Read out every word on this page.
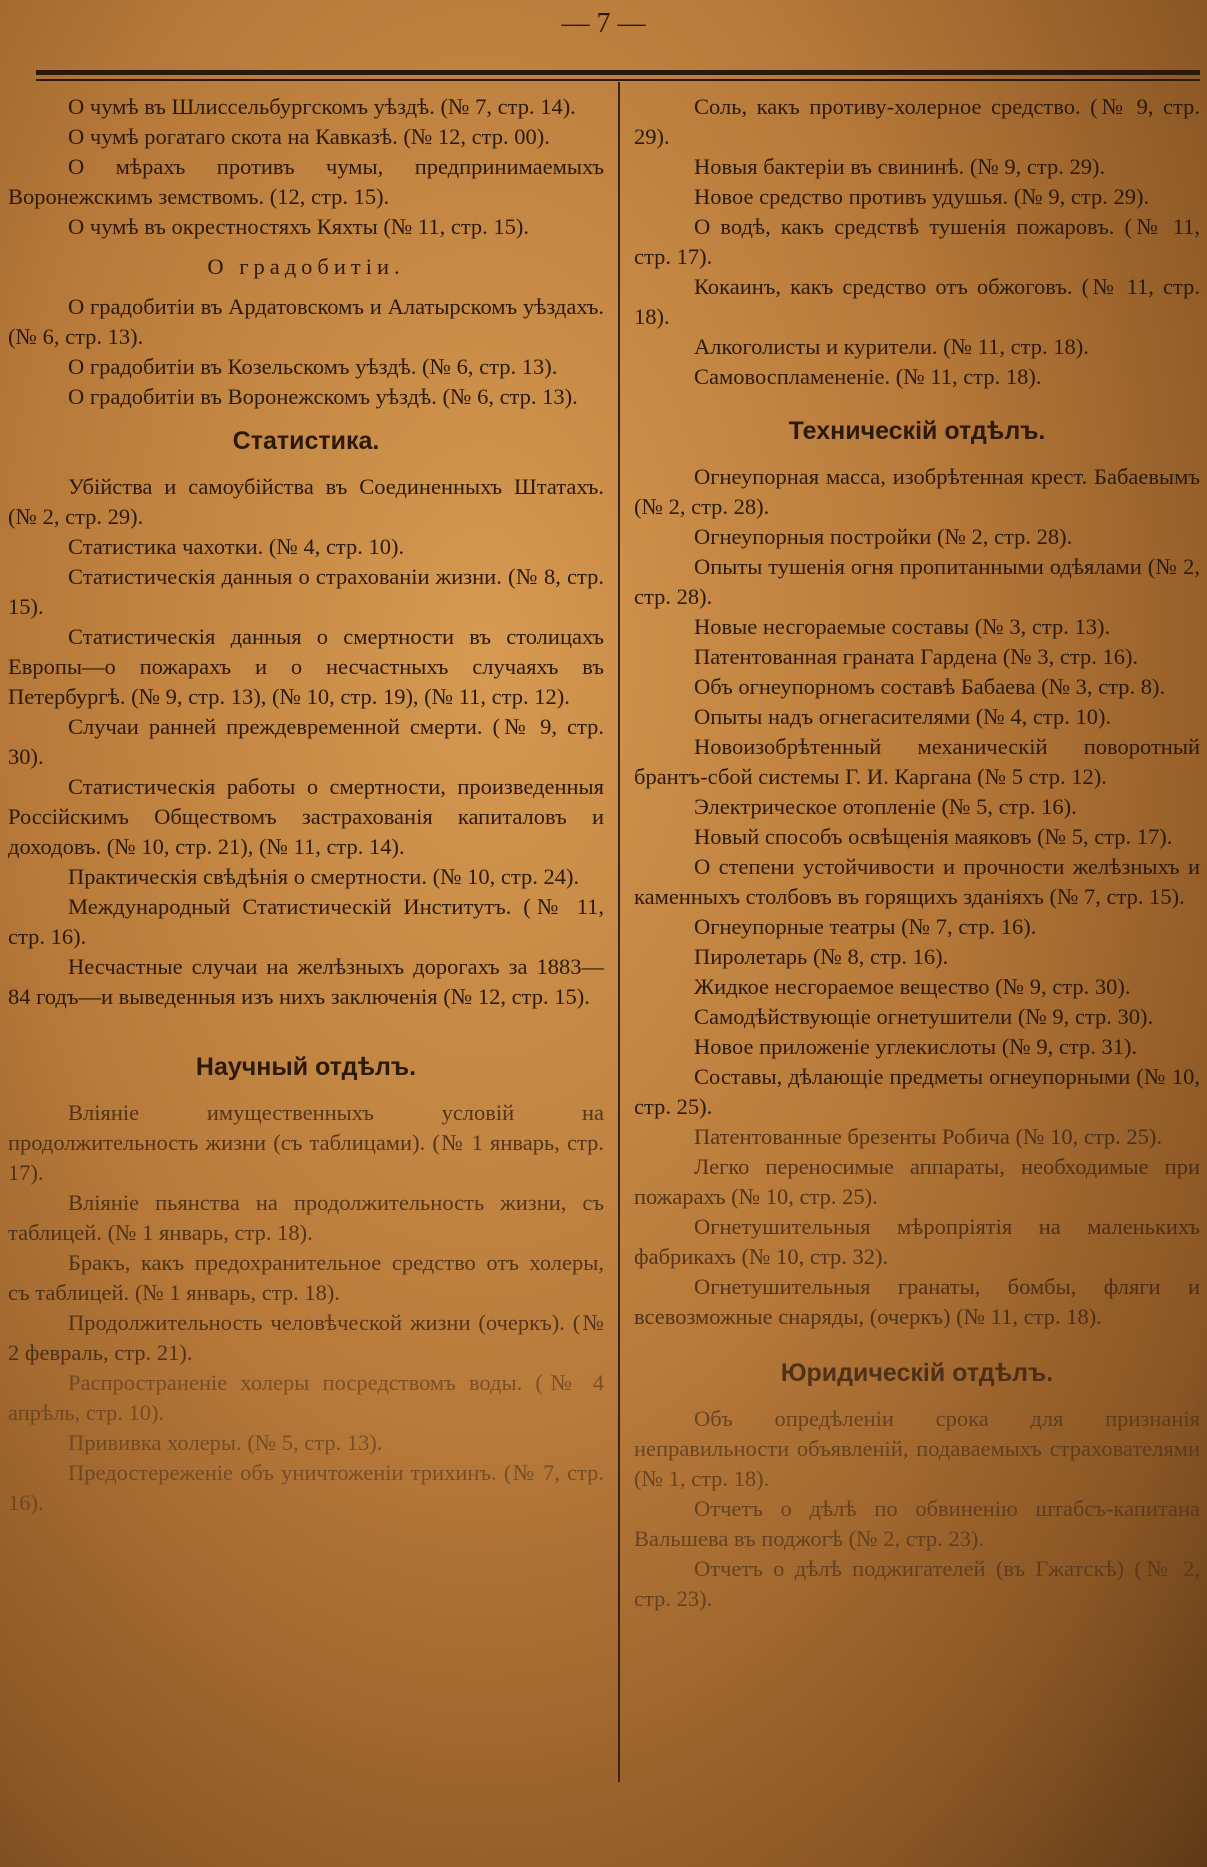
— 7 —

О чумѣ въ Шлиссельбургскомъ уѣздѣ. (№ 7, стр. 14).

О чумѣ рогатаго скота на Кавказѣ. (№ 12, стр. 00).

О мѣрахъ противъ чумы, предпринимаемыхъ Воронежскимъ земствомъ. (12, стр. 15).

О чумѣ въ окрестностяхъ Кяхты (№ 11, стр. 15).

О градобитіи.

О градобитіи въ Ардатовскомъ и Алатырскомъ уѣздахъ. (№ 6, стр. 13).

О градобитіи въ Козельскомъ уѣздѣ. (№ 6, стр. 13).

О градобитіи въ Воронежскомъ уѣздѣ. (№ 6, стр. 13).

Статистика.

Убійства и самоубійства въ Соединенныхъ Штатахъ. (№ 2, стр. 29).

Статистика чахотки. (№ 4, стр. 10).

Статистическія данныя о страхованіи жизни. (№ 8, стр. 15).

Статистическія данныя о смертности въ столицахъ Европы—о пожарахъ и о несчастныхъ случаяхъ въ Петербургѣ. (№ 9, стр. 13), (№ 10, стр. 19), (№ 11, стр. 12).

Случаи ранней преждевременной смерти. (№ 9, стр. 30).

Статистическія работы о смертности, произведенныя Россійскимъ Обществомъ застрахованія капиталовъ и доходовъ. (№ 10, стр. 21), (№ 11, стр. 14).

Практическія свѣдѣнія о смертности. (№ 10, стр. 24).

Международный Статистическій Институтъ. (№ 11, стр. 16).

Несчастные случаи на желѣзныхъ дорогахъ за 1883—84 годъ—и выведенныя изъ нихъ заключенія (№ 12, стр. 15).

Научный отдѣлъ.

Вліяніе имущественныхъ условій на продолжительность жизни (съ таблицами). (№ 1 январь, стр. 17).

Вліяніе пьянства на продолжительность жизни, съ таблицей. (№ 1 январь, стр. 18).

Бракъ, какъ предохранительное средство отъ холеры, съ таблицей. (№ 1 январь, стр. 18).

Продолжительность человѣческой жизни (очеркъ). (№ 2 февраль, стр. 21).

Распространеніе холеры посредствомъ воды. (№ 4 апрѣль, стр. 10).

Прививка холеры. (№ 5, стр. 13).

Предостереженіе объ уничтоженіи трихинъ. (№ 7, стр. 16).

Соль, какъ противу-холерное средство. (№ 9, стр. 29).

Новыя бактеріи въ свининѣ. (№ 9, стр. 29).

Новое средство противъ удушья. (№ 9, стр. 29).

О водѣ, какъ средствѣ тушенія пожаровъ. (№ 11, стр. 17).

Кокаинъ, какъ средство отъ обжоговъ. (№ 11, стр. 18).

Алкоголисты и курители. (№ 11, стр. 18).

Самовоспламененіе. (№ 11, стр. 18).

Техническій отдѣлъ.

Огнеупорная масса, изобрѣтенная крест. Бабаевымъ (№ 2, стр. 28).

Огнеупорныя постройки (№ 2, стр. 28).

Опыты тушенія огня пропитанными одѣялами (№ 2, стр. 28).

Новые несгораемые составы (№ 3, стр. 13).

Патентованная граната Гардена (№ 3, стр. 16).

Объ огнеупорномъ составѣ Бабаева (№ 3, стр. 8).

Опыты надъ огнегасителями (№ 4, стр. 10).

Новоизобрѣтенный механическій поворотный брантъ-сбой системы Г. И. Каргана (№ 5 стр. 12).

Электрическое отопленіе (№ 5, стр. 16).

Новый способъ освѣщенія маяковъ (№ 5, стр. 17).

О степени устойчивости и прочности желѣзныхъ и каменныхъ столбовъ въ горящихъ зданіяхъ (№ 7, стр. 15).

Огнеупорные театры (№ 7, стр. 16).

Пиролетарь (№ 8, стр. 16).

Жидкое несгораемое вещество (№ 9, стр. 30).

Самодѣйствующіе огнетушители (№ 9, стр. 30).

Новое приложеніе углекислоты (№ 9, стр. 31).

Составы, дѣлающіе предметы огнеупорными (№ 10, стр. 25).

Патентованные брезенты Робича (№ 10, стр. 25).

Легко переносимые аппараты, необходимые при пожарахъ (№ 10, стр. 25).

Огнетушительныя мѣропріятія на маленькихъ фабрикахъ (№ 10, стр. 32).

Огнетушительныя гранаты, бомбы, фляги и всевозможные снаряды, (очеркъ) (№ 11, стр. 18).

Юридическій отдѣлъ.

Объ опредѣленіи срока для признанія неправильности объявленій, подаваемыхъ страхователями (№ 1, стр. 18).

Отчетъ о дѣлѣ по обвиненію штабсъ-капитана Вальшева въ поджогѣ (№ 2, стр. 23).

Отчетъ о дѣлѣ поджигателей (въ Гжатскѣ) (№ 2, стр. 23).
